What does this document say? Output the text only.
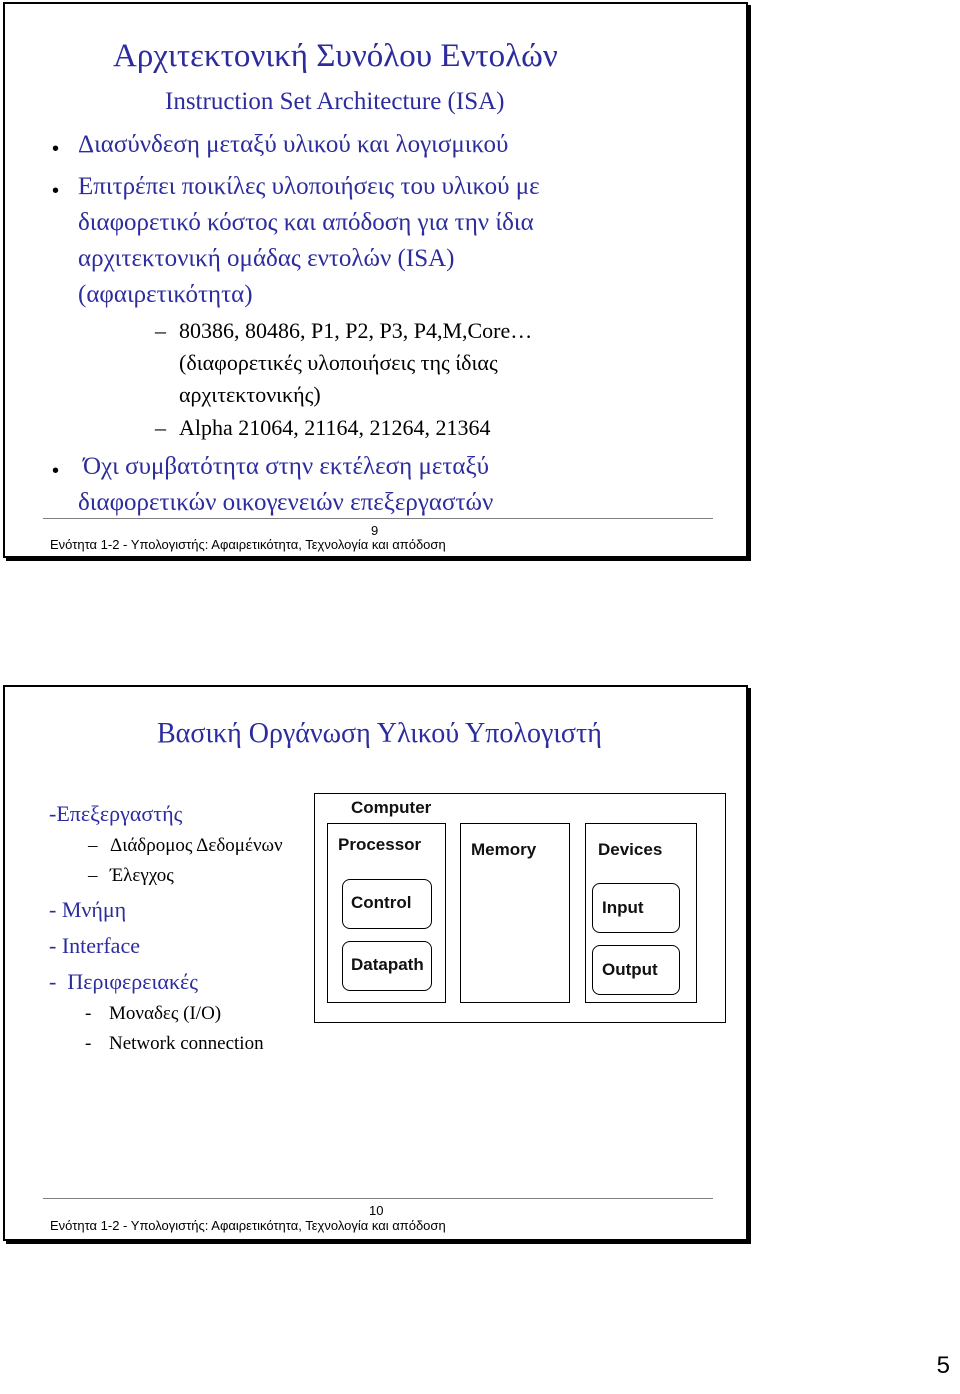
Αρχιτεκτονική Συνόλου Εντολών
Instruction Set Architecture (ISA)
• Διασύνδεση μεταξύ υλικού και λογισμικού
• Επιτρέπει ποικίλες υλοποιήσεις του υλικού με
διαφορετικό κόστος και απόδοση για την ίδια
αρχιτεκτονική ομάδας εντολών (ISA)
(αφαιρετικότητα)
– 80386, 80486, P1, P2, P3, P4,M,Core…
(διαφορετικές υλοποιήσεις της ίδιας
αρχιτεκτονικής)
– Alpha 21064, 21164, 21264, 21364
• Όχι συμβατότητα στην εκτέλεση μεταξύ
διαφορετικών οικογενειών επεξεργαστών
9
Ενότητα 1-2 - Υπολογιστής: Αφαιρετικότητα, Τεχνολογία και απόδοση
Βασική Οργάνωση Υλικού Υπολογιστή
-Επεξεργαστής
– Διάδρομος Δεδομένων
– Έλεγχος
- Μνήμη
- Interface
-  Περιφερειακές
- Μοναδες (I/O)
- Network connection
Computer
Processor
Control
Datapath
Memory	Devices
Input
Output
10
Ενότητα 1-2 - Υπολογιστής: Αφαιρετικότητα, Τεχνολογία και απόδοση
5
